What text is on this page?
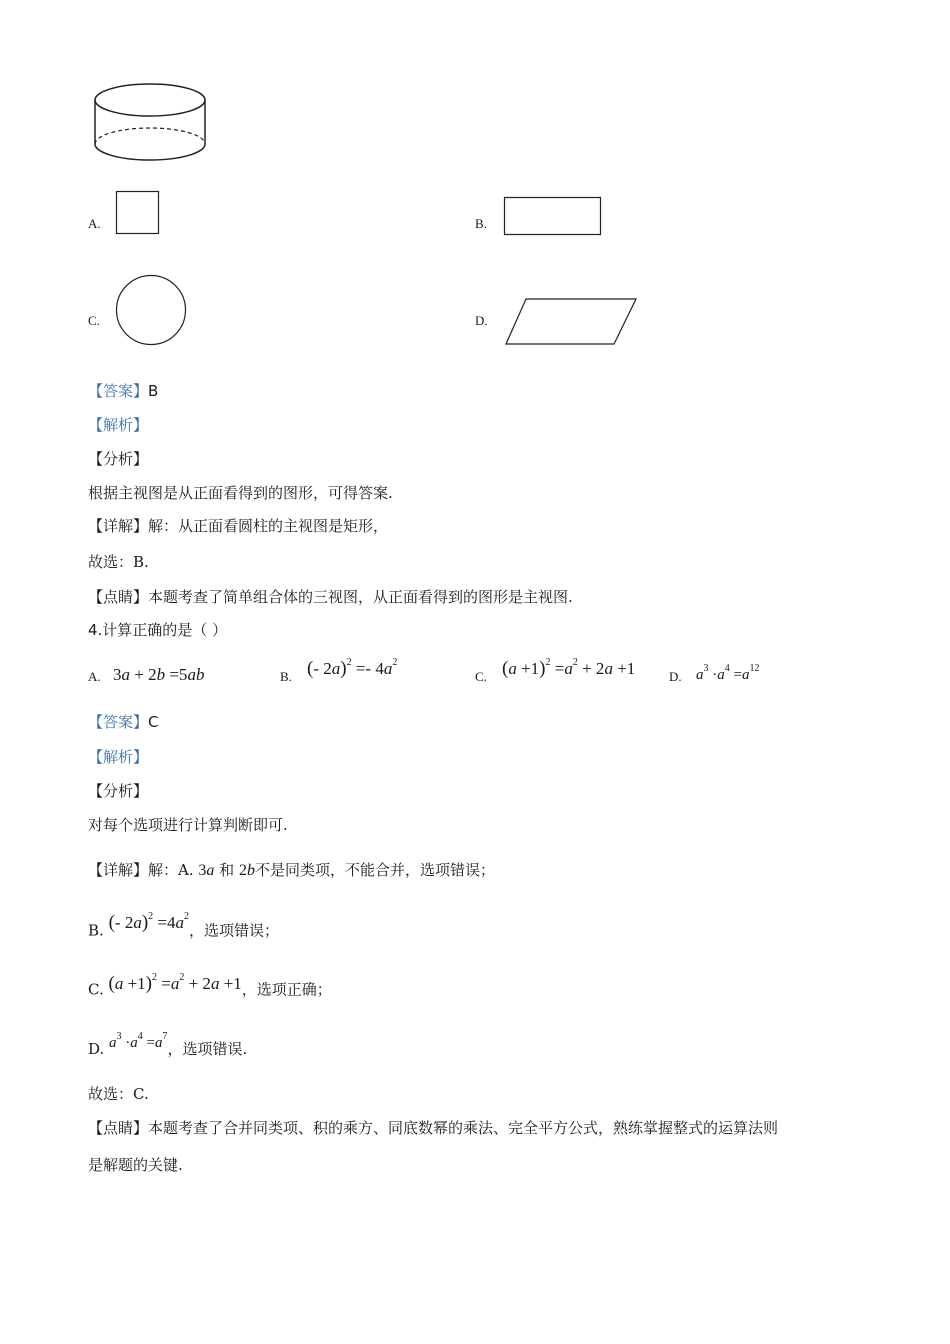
A.	B.
C.	D.
【答案】B
【解析】
【分析】
根据主视图是从正面看得到的图形，可得答案.
【详解】解：从正面看圆柱的主视图是矩形，
故选：B.
【点睛】本题考查了简单组合体的三视图，从正面看得到的图形是主视图.
4.计算正确的是（ ）
A. 3a + 2b =5ab	B. (- $2a)^2 =- 4a^2$
C. $(a +1)^2 =a^2 + 2a +1$	D. $a^3 \cdot a^4 =a^{12}$
【答案】C
【解析】
【分析】
对每个选项进行计算判断即可.
【详解】解：A. 3a 和 2b不是同类项，不能合并，选项错误；
B. (- $2a)^2 =4a^2$，选项错误；
C. $(a +1)^2 =a^2 + 2a +1$，选项正确；
D. $a^3 \cdot a^4 =a^7$，选项错误.
故选：C.
【点睛】本题考查了合并同类项、积的乘方、同底数幂的乘法、完全平方公式，熟练掌握整式的运算法则
是解题的关键.
